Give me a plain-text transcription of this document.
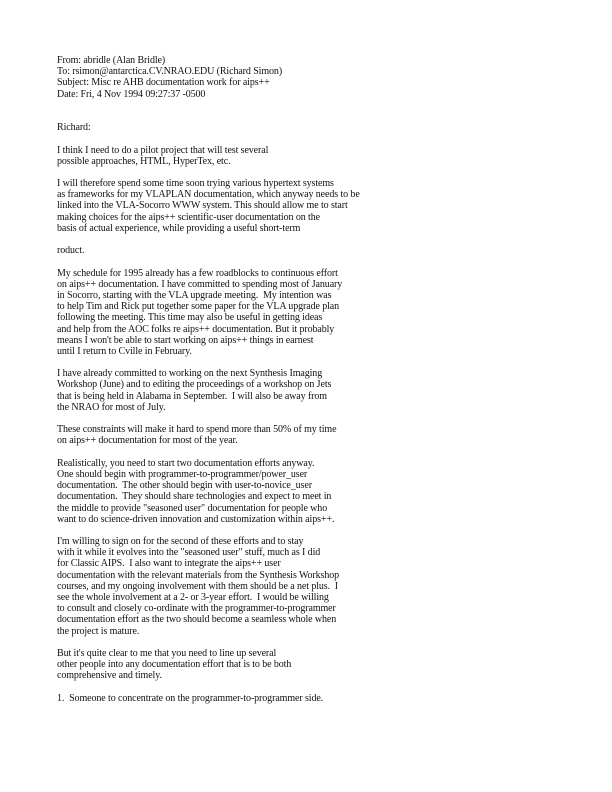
From: abridle (Alan Bridle)
To: rsimon@antarctica.CV.NRAO.EDU (Richard Simon)
Subject: Misc re AHB documentation work for aips++
Date: Fri, 4 Nov 1994 09:27:37 -0500
Richard:
I think I need to do a pilot project that will test several
possible approaches, HTML, HyperTex, etc.
I will therefore spend some time soon trying various hypertext systems
as frameworks for my VLAPLAN documentation, which anyway needs to be
linked into the VLA-Socorro WWW system. This should allow me to start
making choices for the aips++ scientific-user documentation on the
basis of actual experience, while providing a useful short-term
roduct.
My schedule for 1995 already has a few roadblocks to continuous effort
on aips++ documentation. I have committed to spending most of January
in Socorro, starting with the VLA upgrade meeting.  My intention was
to help Tim and Rick put together some paper for the VLA upgrade plan
following the meeting. This time may also be useful in getting ideas
and help from the AOC folks re aips++ documentation. But it probably
means I won't be able to start working on aips++ things in earnest
until I return to Cville in February.
I have already committed to working on the next Synthesis Imaging
Workshop (June) and to editing the proceedings of a workshop on Jets
that is being held in Alabama in September.  I will also be away from
the NRAO for most of July.
These constraints will make it hard to spend more than 50% of my time
on aips++ documentation for most of the year.
Realistically, you need to start two documentation efforts anyway.
One should begin with programmer-to-programmer/power_user
documentation.  The other should begin with user-to-novice_user
documentation.  They should share technologies and expect to meet in
the middle to provide "seasoned user" documentation for people who
want to do science-driven innovation and customization within aips++.
I'm willing to sign on for the second of these efforts and to stay
with it while it evolves into the "seasoned user" stuff, much as I did
for Classic AIPS.  I also want to integrate the aips++ user
documentation with the relevant materials from the Synthesis Workshop
courses, and my ongoing involvement with them should be a net plus.  I
see the whole involvement at a 2- or 3-year effort.  I would be willing
to consult and closely co-ordinate with the programmer-to-programmer
documentation effort as the two should become a seamless whole when
the project is mature.
But it's quite clear to me that you need to line up several
other people into any documentation effort that is to be both
comprehensive and timely.
1.  Someone to concentrate on the programmer-to-programmer side.
